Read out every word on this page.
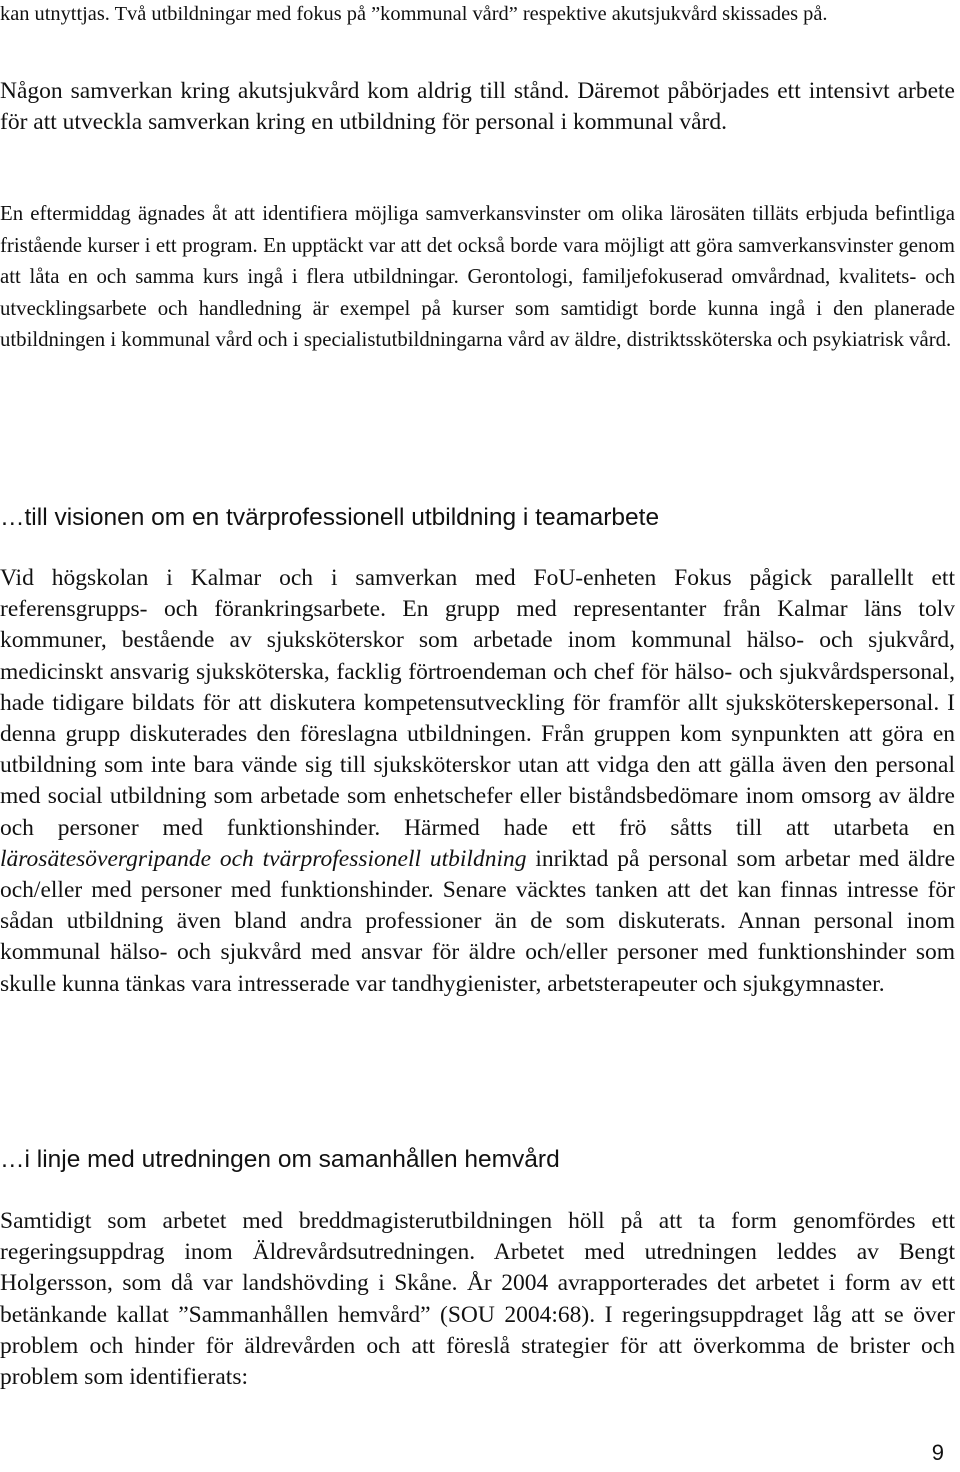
kan utnyttjas. Två utbildningar med fokus på ”kommunal vård” respektive akutsjukvård skissades på.

Någon samverkan kring akutsjukvård kom aldrig till stånd. Däremot påbörjades ett intensivt arbete för att utveckla samverkan kring en utbildning för personal i kommunal vård.

En eftermiddag ägnades åt att identifiera möjliga samverkansvinster om olika lärosäten tilläts erbjuda befintliga fristående kurser i ett program. En upptäckt var att det också borde vara möjligt att göra samverkansvinster genom att låta en och samma kurs ingå i flera utbildningar. Gerontologi, familjefokuserad omvårdnad, kvalitets- och utvecklingsarbete och handledning är exempel på kurser som samtidigt borde kunna ingå i den planerade utbildningen i kommunal vård och i specialistutbildningarna vård av äldre, distriktssköterska och psykiatrisk vård.

…till visionen om en tvärprofessionell utbildning i teamarbete

Vid högskolan i Kalmar och i samverkan med FoU-enheten Fokus pågick parallellt ett referensgrupps- och förankringsarbete. En grupp med representanter från Kalmar läns tolv kommuner, bestående av sjuksköterskor som arbetade inom kommunal hälso- och sjukvård, medicinskt ansvarig sjuksköterska, facklig förtroendeman och chef för hälso- och sjukvårdspersonal, hade tidigare bildats för att diskutera kompetensutveckling för framför allt sjuksköterskepersonal. I denna grupp diskuterades den föreslagna utbildningen. Från gruppen kom synpunkten att göra en utbildning som inte bara vände sig till sjuksköterskor utan att vidga den att gälla även den personal med social utbildning som arbetade som enhetschefer eller biståndsbedömare inom omsorg av äldre och personer med funktionshinder. Härmed hade ett frö såtts till att utarbeta en lärosätesövergripande och tvärprofessionell utbildning inriktad på personal som arbetar med äldre och/eller med personer med funktionshinder. Senare väcktes tanken att det kan finnas intresse för sådan utbildning även bland andra professioner än de som diskuterats. Annan personal inom kommunal hälso- och sjukvård med ansvar för äldre och/eller personer med funktionshinder som skulle kunna tänkas vara intresserade var tandhygienister, arbetsterapeuter och sjukgymnaster.

…i linje med utredningen om samanhållen hemvård

Samtidigt som arbetet med breddmagisterutbildningen höll på att ta form genomfördes ett regeringsuppdrag inom Äldrevårdsutredningen. Arbetet med utredningen leddes av Bengt Holgersson, som då var landshövding i Skåne. År 2004 avrapporterades det arbetet i form av ett betänkande kallat ”Sammanhållen hemvård” (SOU 2004:68). I regeringsuppdraget låg att se över problem och hinder för äldrevården och att föreslå strategier för att överkomma de brister och problem som identifierats:

9
